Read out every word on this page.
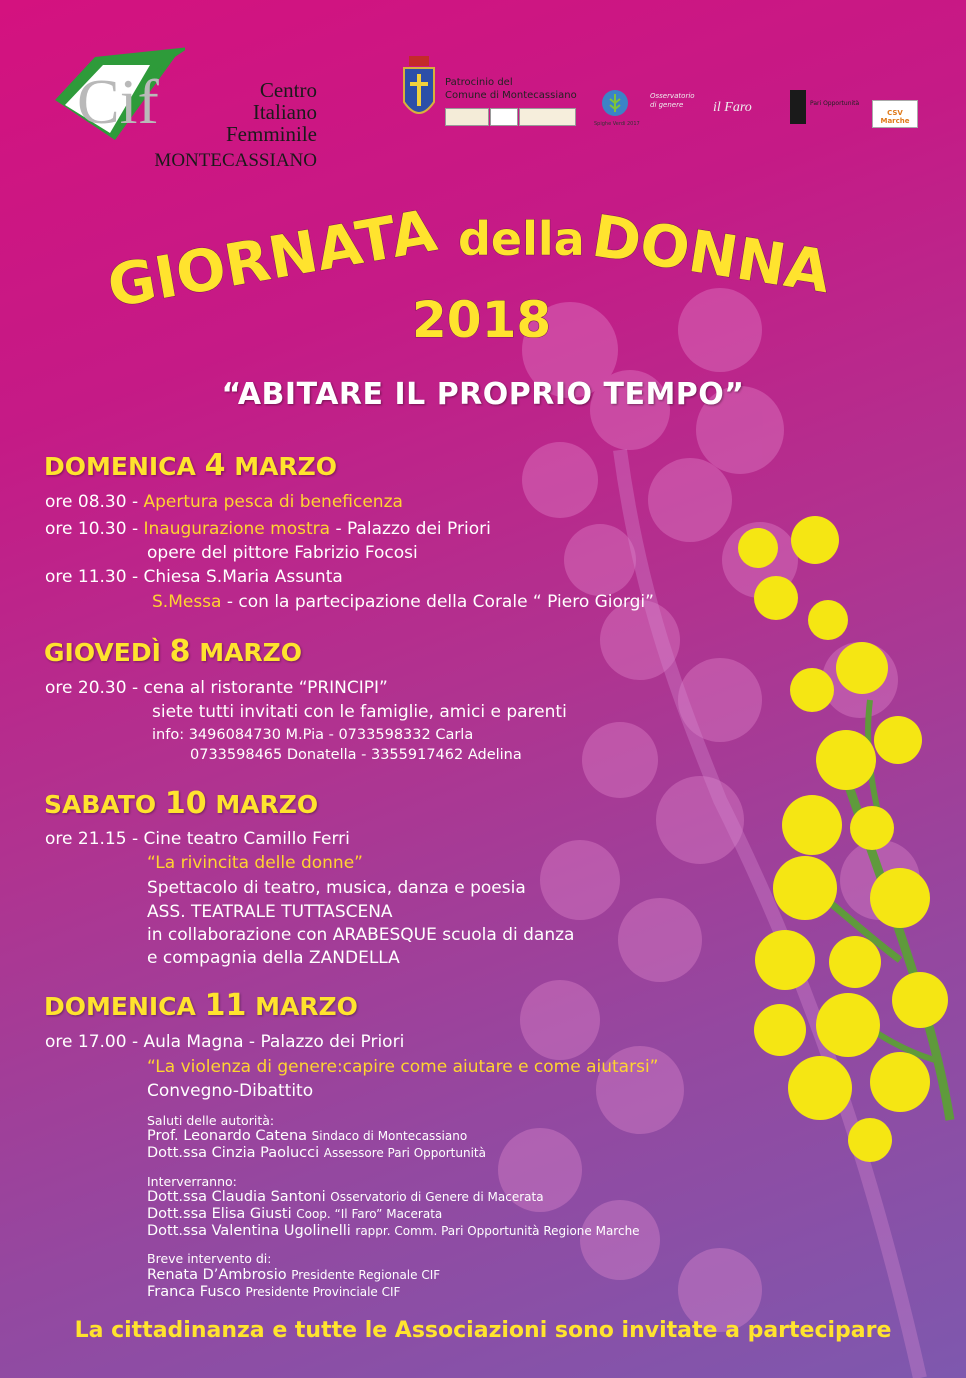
Cif	Centro
Italiano
Femminile
MONTECASSIANO
Patrocinio del
Comune di Montecassiano
Spighe Verdi 2017
Osservatorio di genere	il Faro	Pari Opportunità
CSV Marche
GIORNATA della DONNA
2018
“ABITARE IL PROPRIO TEMPO”
DOMENICA 4 MARZO
ore 08.30 - Apertura pesca di beneficenza
ore 10.30 - Inaugurazione mostra - Palazzo dei Priori
opere del pittore Fabrizio Focosi
ore 11.30 - Chiesa S.Maria Assunta
S.Messa - con la partecipazione della Corale “ Piero Giorgi”
GIOVEDÌ 8 MARZO
ore 20.30 - cena al ristorante “PRINCIPI”
siete tutti invitati con le famiglie, amici e parenti
info: 3496084730 M.Pia - 0733598332 Carla
0733598465 Donatella - 3355917462 Adelina
SABATO 10 MARZO
ore 21.15 - Cine teatro Camillo Ferri
“La rivincita delle donne”
Spettacolo di teatro, musica, danza e poesia
ASS. TEATRALE TUTTASCENA
in collaborazione con ARABESQUE scuola di danza
e compagnia della ZANDELLA
DOMENICA 11 MARZO
ore 17.00 - Aula Magna - Palazzo dei Priori
“La violenza di genere:capire come aiutare e come aiutarsi”
Convegno-Dibattito
Saluti delle autorità:
Prof. Leonardo Catena Sindaco di Montecassiano
Dott.ssa Cinzia Paolucci Assessore Pari Opportunità
Interverranno:
Dott.ssa Claudia Santoni Osservatorio di Genere di Macerata
Dott.ssa Elisa Giusti Coop. “Il Faro” Macerata
Dott.ssa Valentina Ugolinelli rappr. Comm. Pari Opportunità Regione Marche
Breve intervento di:
Renata D’Ambrosio Presidente Regionale CIF
Franca Fusco Presidente Provinciale CIF
La cittadinanza e tutte le Associazioni sono invitate a partecipare
